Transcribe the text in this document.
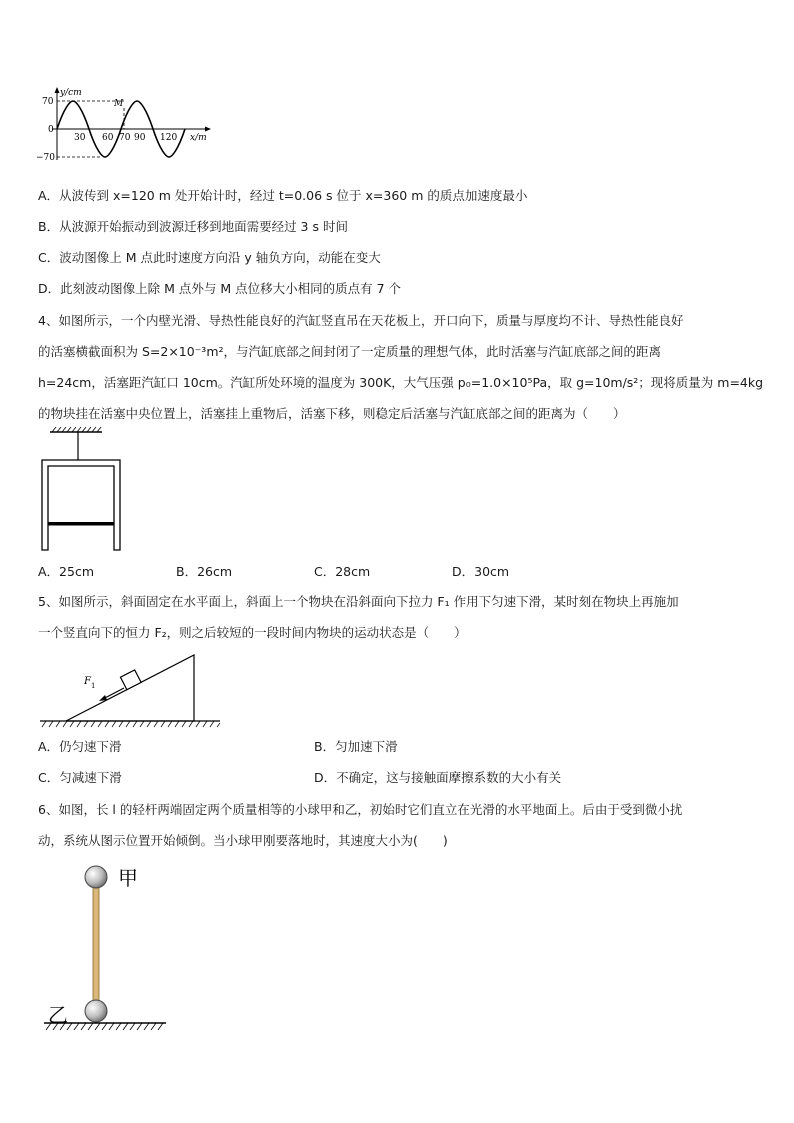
y/cm
70
0
−70
30 60 70 90 120 x/m
M
A．从波传到 x=120 m 处开始计时，经过 t=0.06 s 位于 x=360 m 的质点加速度最小
B．从波源开始振动到波源迁移到地面需要经过 3 s 时间
C．波动图像上 M 点此时速度方向沿 y 轴负方向，动能在变大
D．此刻波动图像上除 M 点外与 M 点位移大小相同的质点有 7 个
4、如图所示，一个内壁光滑、导热性能良好的汽缸竖直吊在天花板上，开口向下，质量与厚度均不计、导热性能良好
的活塞横截面积为 S=2×10⁻³m²，与汽缸底部之间封闭了一定质量的理想气体，此时活塞与汽缸底部之间的距离
h=24cm，活塞距汽缸口 10cm。汽缸所处环境的温度为 300K，大气压强 p₀=1.0×10⁵Pa，取 g=10m/s²；现将质量为 m=4kg
的物块挂在活塞中央位置上，活塞挂上重物后，活塞下移，则稳定后活塞与汽缸底部之间的距离为（　　）
A．25cm	B．26cm	C．28cm	D．30cm
5、如图所示，斜面固定在水平面上，斜面上一个物块在沿斜面向下拉力 F₁ 作用下匀速下滑，某时刻在物块上再施加
一个竖直向下的恒力 F₂，则之后较短的一段时间内物块的运动状态是（　　）
F 1
A．仍匀速下滑	B．匀加速下滑
C．匀减速下滑	D．不确定，这与接触面摩擦系数的大小有关
6、如图，长 l 的轻杆两端固定两个质量相等的小球甲和乙，初始时它们直立在光滑的水平地面上。后由于受到微小扰
动，系统从图示位置开始倾倒。当小球甲刚要落地时，其速度大小为(　　)
甲
乙
